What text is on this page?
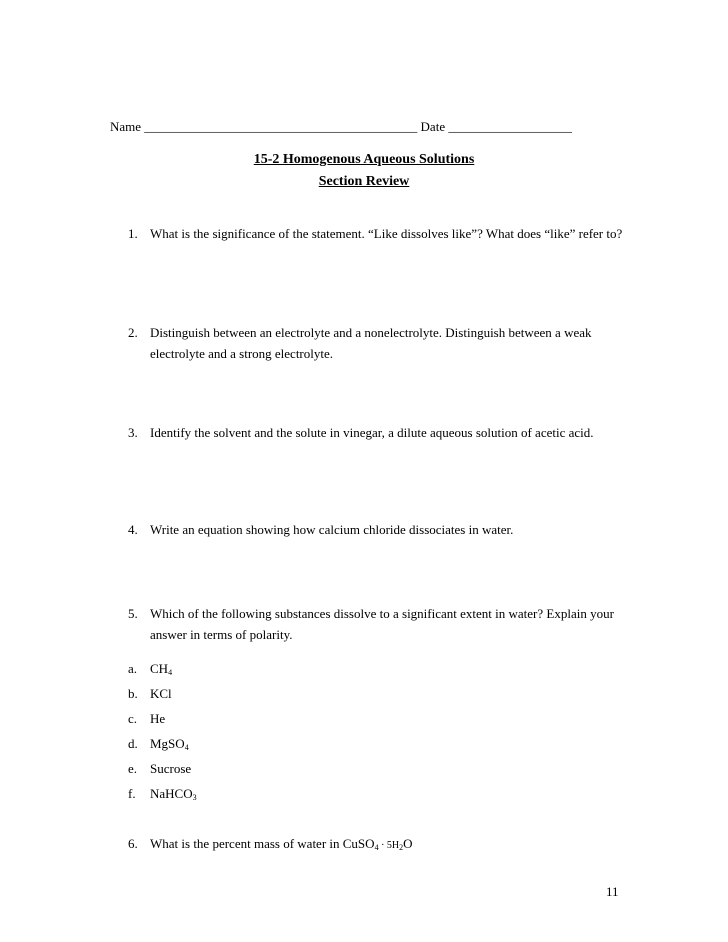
Name __________________________________________ Date ___________________
15-2 Homogenous Aqueous Solutions
Section Review
1. What is the significance of the statement. “Like dissolves like”? What does “like” refer to?
2. Distinguish between an electrolyte and a nonelectrolyte. Distinguish between a weak electrolyte and a strong electrolyte.
3. Identify the solvent and the solute in vinegar, a dilute aqueous solution of acetic acid.
4. Write an equation showing how calcium chloride dissociates in water.
5. Which of the following substances dissolve to a significant extent in water? Explain your answer in terms of polarity.
a. $CH_4$
b. KCl
c. He
d. MgSO$_4$
e. Sucrose
f. NaHCO$_3$
6. What is the percent mass of water in CuSO$_4$ · $5H_2O$
11
